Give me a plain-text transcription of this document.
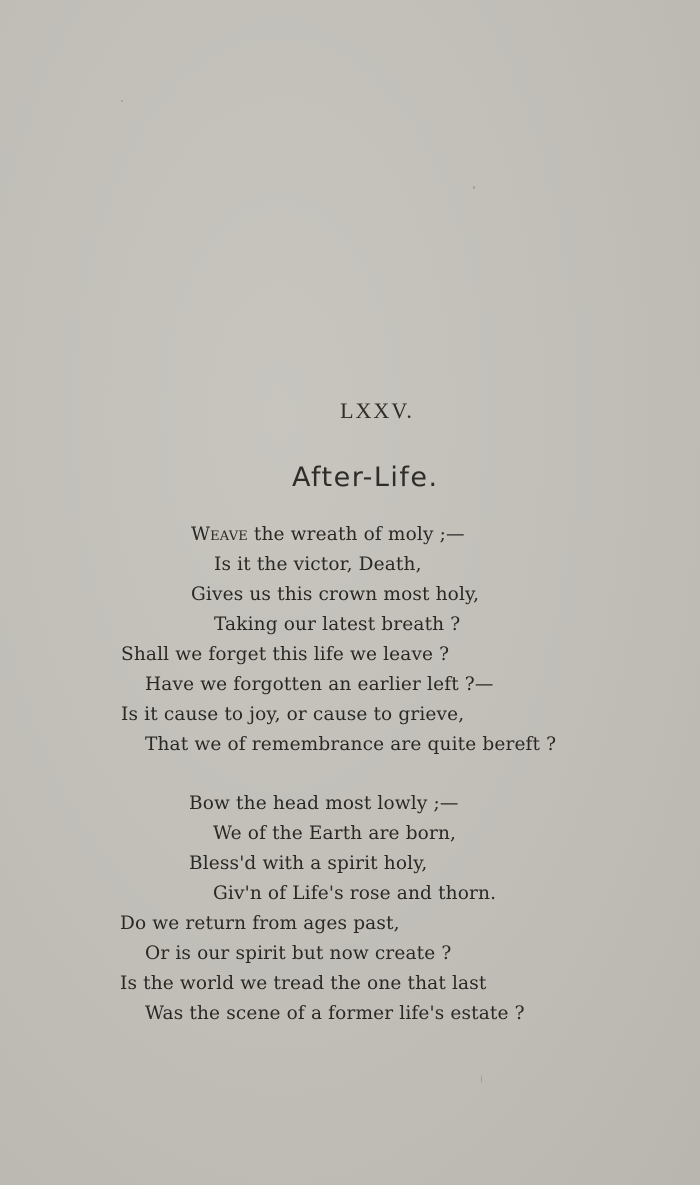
LXXV.
After-Life.
Weave the wreath of moly ;—
Is it the victor, Death,
Gives us this crown most holy,
Taking our latest breath ?
Shall we forget this life we leave ?
Have we forgotten an earlier left ?—
Is it cause to joy, or cause to grieve,
That we of remembrance are quite bereft ?
Bow the head most lowly ;—
We of the Earth are born,
Bless'd with a spirit holy,
Giv'n of Life's rose and thorn.
Do we return from ages past,
Or is our spirit but now create ?
Is the world we tread the one that last
Was the scene of a former life's estate ?
